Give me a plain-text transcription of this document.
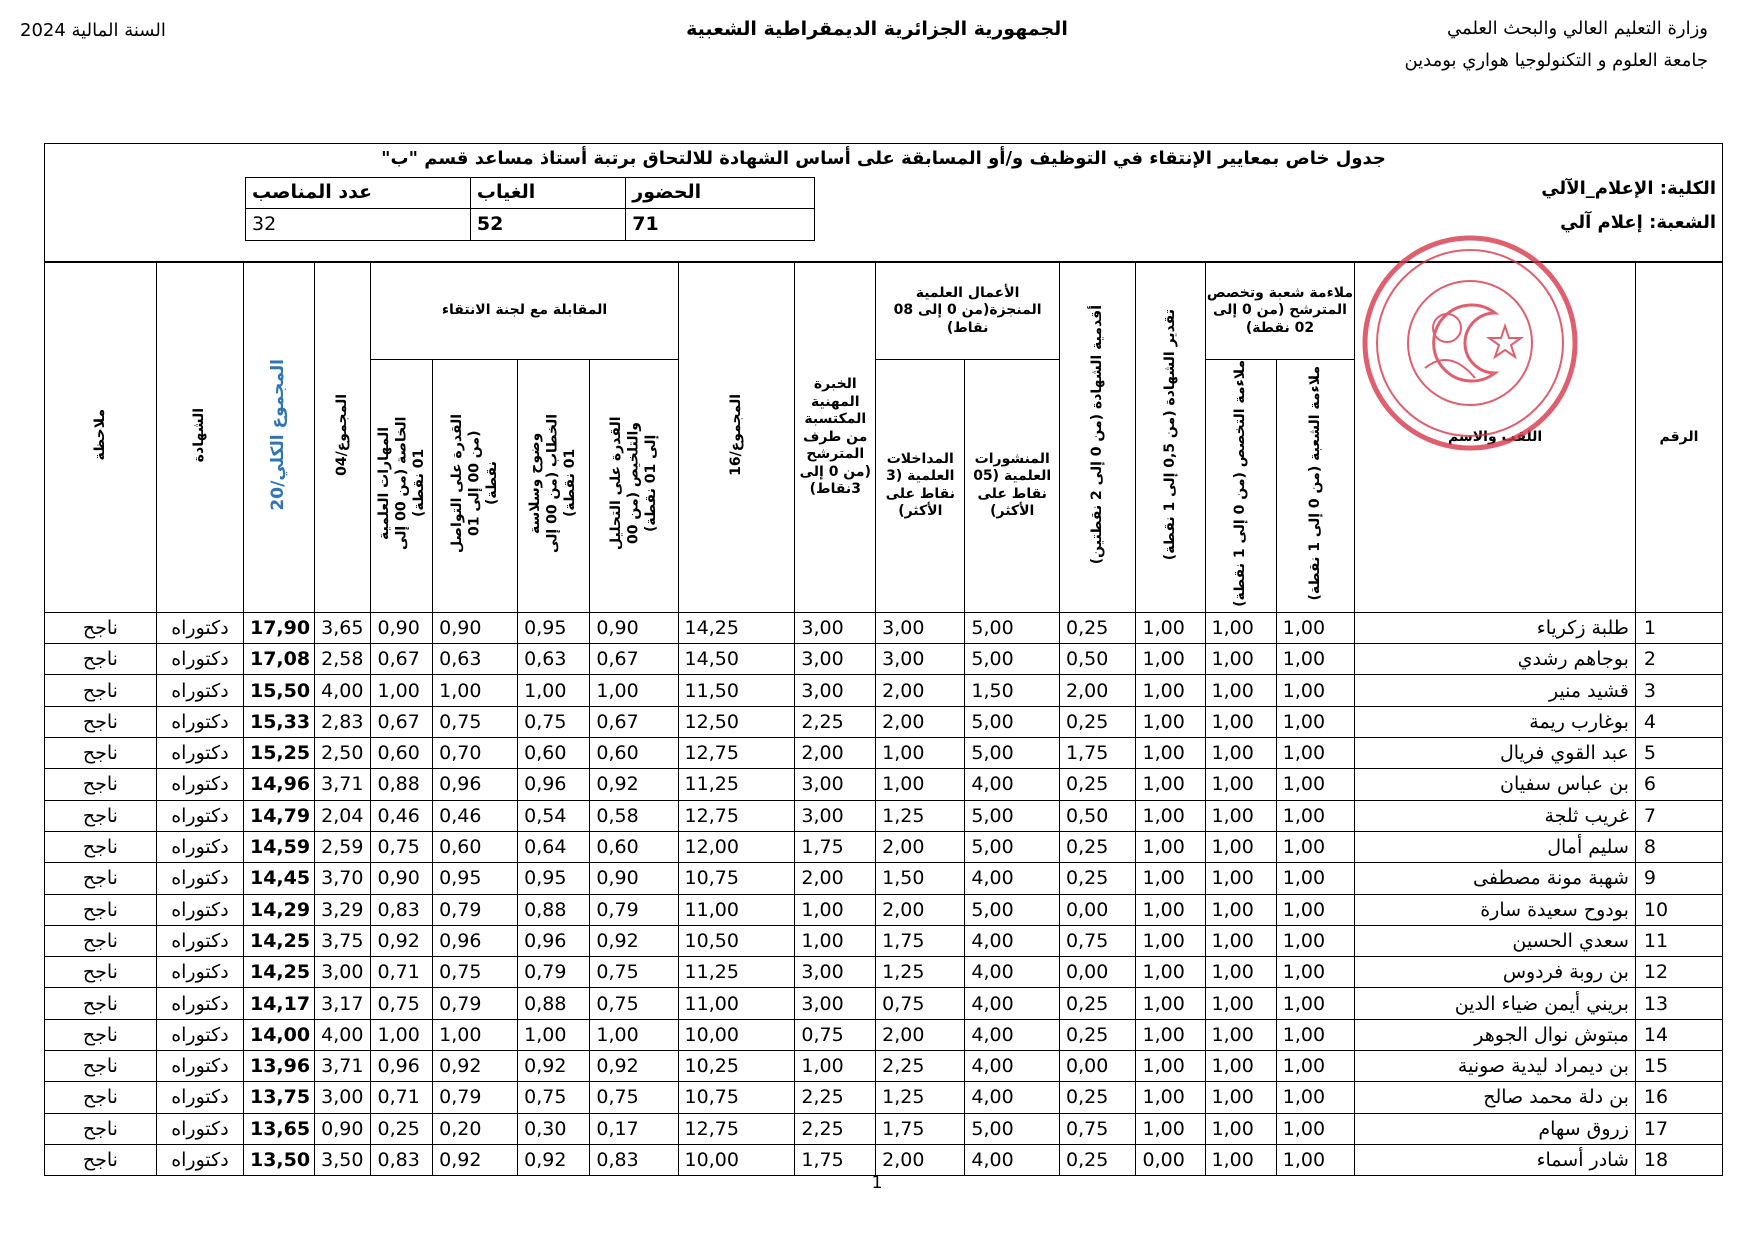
وزارة التعليم العالي والبحث العلمي
جامعة العلوم و التكنولوجيا هواري بومدين
الجمهورية الجزائرية الديمقراطية الشعبية
السنة المالية 2024
جدول خاص بمعايير الإنتقاء في التوظيف و/أو المسابقة على أساس الشهادة للالتحاق برتبة أستاذ مساعد قسم "ب"
الكلية: الإعلام_الآلي
الشعبة: إعلام آلي
الحضور	الغياب	عدد المناصب
71	52	32

الرقم	اللقب والاسم	ملاءمة شعبة وتخصص المترشح (من 0 إلى 02 نقطة)	تقدير الشهادة (من 0,5 إلى 1 نقطة)	أقدمية الشهادة (من 0 إلى 2 نقطتين)	الأعمال العلمية المنجزة(من 0 إلى 08 نقاط)	الخبرة المهنية المكتسبة من طرف المترشح (من 0 إلى 3نقاط)	المجموع/16	المقابلة مع لجنة الانتقاء	المجموع/04	المجموع الكلي/20	الشهادة	ملاحظة
ملاءمة الشعبة (من 0 إلى 1 نقطة)	ملاءمة التخصص (من 0 إلى 1 نقطة)	المنشورات العلمية (05 نقاط على الأكثر)	المداخلات العلمية (3 نقاط على الأكثر)	القدرة على التحليل والتلخيص (من 00 إلى 01 نقطة)	وضوح وسلاسة الخطاب (من 00 إلى 01 نقطة)	القدرة على التواصل (من 00 إلى 01 نقطة)	المهارات العلمية الخاصة (من 00 إلى 01 نقطة)
1	طلبة زكرياء	1,00	1,00	1,00	0,25	5,00	3,00	3,00	14,25	0,90	0,95	0,90	0,90	3,65	17,90	دكتوراه	ناجح
2	بوجاهم رشدي	1,00	1,00	1,00	0,50	5,00	3,00	3,00	14,50	0,67	0,63	0,63	0,67	2,58	17,08	دكتوراه	ناجح
3	قشيد منير	1,00	1,00	1,00	2,00	1,50	2,00	3,00	11,50	1,00	1,00	1,00	1,00	4,00	15,50	دكتوراه	ناجح
4	بوغارب ريمة	1,00	1,00	1,00	0,25	5,00	2,00	2,25	12,50	0,67	0,75	0,75	0,67	2,83	15,33	دكتوراه	ناجح
5	عبد القوي فريال	1,00	1,00	1,00	1,75	5,00	1,00	2,00	12,75	0,60	0,60	0,70	0,60	2,50	15,25	دكتوراه	ناجح
6	بن عباس سفيان	1,00	1,00	1,00	0,25	4,00	1,00	3,00	11,25	0,92	0,96	0,96	0,88	3,71	14,96	دكتوراه	ناجح
7	غريب ثلجة	1,00	1,00	1,00	0,50	5,00	1,25	3,00	12,75	0,58	0,54	0,46	0,46	2,04	14,79	دكتوراه	ناجح
8	سليم أمال	1,00	1,00	1,00	0,25	5,00	2,00	1,75	12,00	0,60	0,64	0,60	0,75	2,59	14,59	دكتوراه	ناجح
9	شهبة مونة مصطفى	1,00	1,00	1,00	0,25	4,00	1,50	2,00	10,75	0,90	0,95	0,95	0,90	3,70	14,45	دكتوراه	ناجح
10	بودوح سعيدة سارة	1,00	1,00	1,00	0,00	5,00	2,00	1,00	11,00	0,79	0,88	0,79	0,83	3,29	14,29	دكتوراه	ناجح
11	سعدي الحسين	1,00	1,00	1,00	0,75	4,00	1,75	1,00	10,50	0,92	0,96	0,96	0,92	3,75	14,25	دكتوراه	ناجح
12	بن روبة فردوس	1,00	1,00	1,00	0,00	4,00	1,25	3,00	11,25	0,75	0,79	0,75	0,71	3,00	14,25	دكتوراه	ناجح
13	بريني أيمن ضياء الدين	1,00	1,00	1,00	0,25	4,00	0,75	3,00	11,00	0,75	0,88	0,79	0,75	3,17	14,17	دكتوراه	ناجح
14	مبتوش نوال الجوهر	1,00	1,00	1,00	0,25	4,00	2,00	0,75	10,00	1,00	1,00	1,00	1,00	4,00	14,00	دكتوراه	ناجح
15	بن ديمراد ليدية صونية	1,00	1,00	1,00	0,00	4,00	2,25	1,00	10,25	0,92	0,92	0,92	0,96	3,71	13,96	دكتوراه	ناجح
16	بن دلة محمد صالح	1,00	1,00	1,00	0,25	4,00	1,25	2,25	10,75	0,75	0,75	0,79	0,71	3,00	13,75	دكتوراه	ناجح
17	زروق سهام	1,00	1,00	1,00	0,75	5,00	1,75	2,25	12,75	0,17	0,30	0,20	0,25	0,90	13,65	دكتوراه	ناجح
18	شادر أسماء	1,00	1,00	0,00	0,25	4,00	2,00	1,75	10,00	0,83	0,92	0,92	0,83	3,50	13,50	دكتوراه	ناجح
1
